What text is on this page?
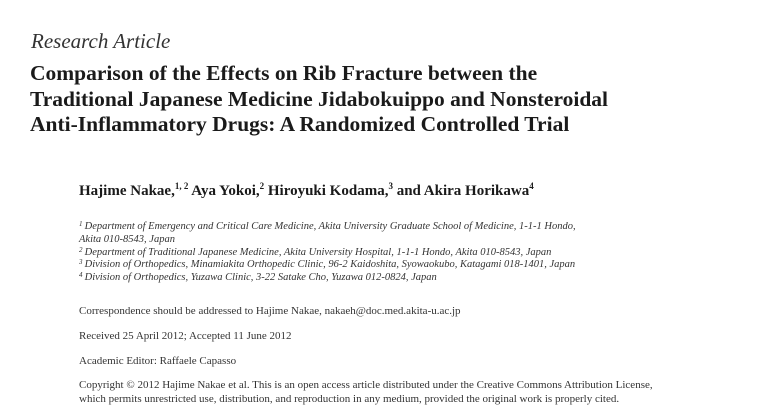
Research Article
Comparison of the Effects on Rib Fracture between the
Traditional Japanese Medicine Jidabokuippo and Nonsteroidal
Anti-Inflammatory Drugs: A Randomized Controlled Trial
Hajime Nakae,$^{1, 2}$ Aya Yokoi,$^2$ Hiroyuki Kodama,$^3$ and Akira Horikawa$^4$
$^1$  Department of Emergency and Critical Care Medicine, Akita University Graduate School of Medicine, 1-1-1 Hondo,
Akita 010-8543, Japan
$^2$  Department of Traditional Japanese Medicine, Akita University Hospital, 1-1-1 Hondo, Akita 010-8543, Japan
$^3$  Division of Orthopedics, Minamiakita Orthopedic Clinic, 96-2 Kaidoshita, Syowaokubo, Katagami 018-1401, Japan
$^4$  Division of Orthopedics, Yuzawa Clinic, 3-22 Satake Cho, Yuzawa 012-0824, Japan
Correspondence should be addressed to Hajime Nakae, nakaeh@doc.med.akita-u.ac.jp
Received 25 April 2012; Accepted 11 June 2012
Academic Editor: Raffaele Capasso
Copyright © 2012 Hajime Nakae et al. This is an open access article distributed under the Creative Commons Attribution License,
which permits unrestricted use, distribution, and reproduction in any medium, provided the original work is properly cited.
